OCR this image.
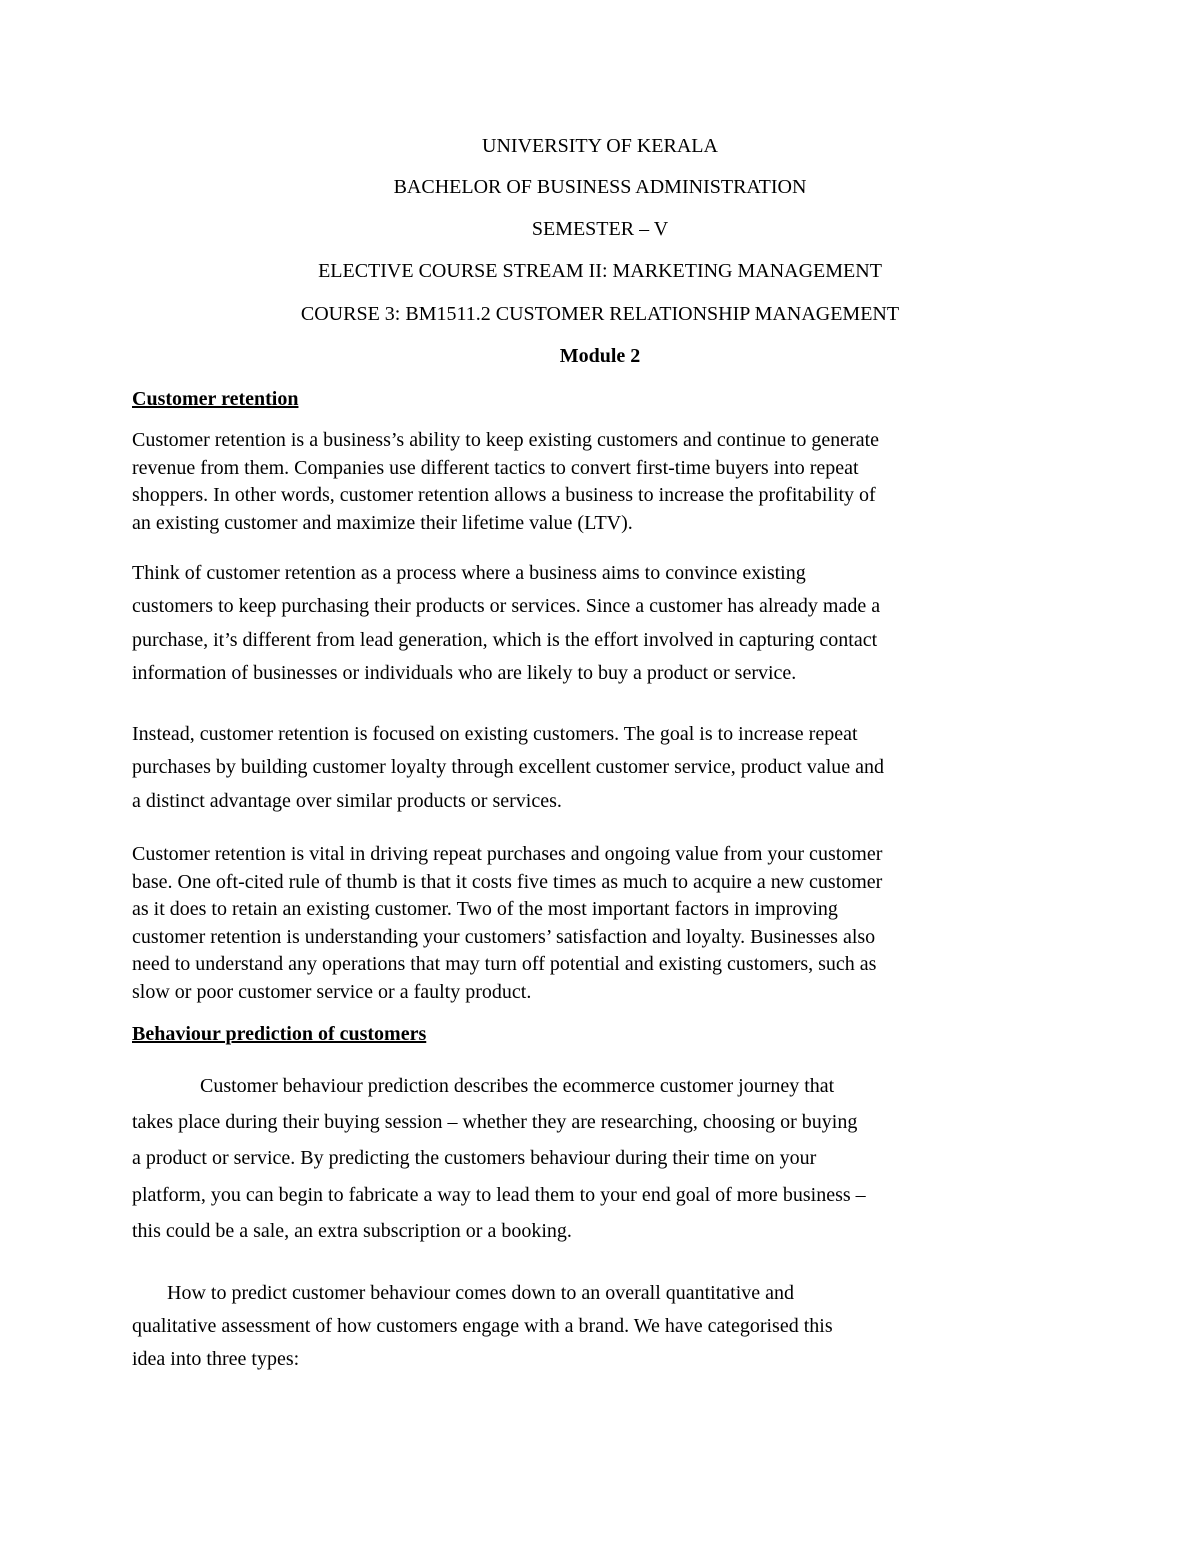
UNIVERSITY OF KERALA
BACHELOR OF BUSINESS ADMINISTRATION
SEMESTER – V
ELECTIVE COURSE STREAM II: MARKETING MANAGEMENT
COURSE 3: BM1511.2 CUSTOMER RELATIONSHIP MANAGEMENT
Module 2
Customer retention
Customer retention is a business’s ability to keep existing customers and continue to generate
revenue from them. Companies use different tactics to convert first-time buyers into repeat
shoppers. In other words, customer retention allows a business to increase the profitability of
an existing customer and maximize their lifetime value (LTV).
Think of customer retention as a process where a business aims to convince existing
customers to keep purchasing their products or services. Since a customer has already made a
purchase, it’s different from lead generation, which is the effort involved in capturing contact
information of businesses or individuals who are likely to buy a product or service.
Instead, customer retention is focused on existing customers. The goal is to increase repeat
purchases by building customer loyalty through excellent customer service, product value and
a distinct advantage over similar products or services.
Customer retention is vital in driving repeat purchases and ongoing value from your customer
base. One oft-cited rule of thumb is that it costs five times as much to acquire a new customer
as it does to retain an existing customer. Two of the most important factors in improving
customer retention is understanding your customers’ satisfaction and loyalty. Businesses also
need to understand any operations that may turn off potential and existing customers, such as
slow or poor customer service or a faulty product.
Behaviour prediction of customers
Customer behaviour prediction describes the ecommerce customer journey that
takes place during their buying session – whether they are researching, choosing or buying
a product or service. By predicting the customers behaviour during their time on your
platform, you can begin to fabricate a way to lead them to your end goal of more business –
this could be a sale, an extra subscription or a booking.
How to predict customer behaviour comes down to an overall quantitative and
qualitative assessment of how customers engage with a brand. We have categorised this
idea into three types:
